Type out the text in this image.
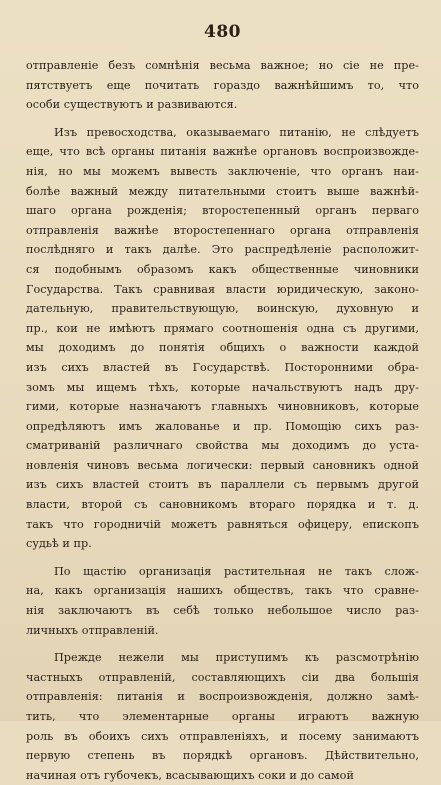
480
отправленіе безъ сомнѣнія весьма важное; но сіе не пре-
пятствуетъ еще почитать гораздо важнѣйшимъ то, что
особи существуютъ и развиваются.
Изъ превосходства, оказываемаго питанію, не слѣдуетъ
еще, что всѣ органы питанія важнѣе органовъ воспроизвожде-
нія, но мы можемъ вывесть заключеніе, что органъ наи-
болѣе важный между питательными стоитъ выше важнѣй-
шаго органа рожденія; второстепенный органъ перваго
отправленія важнѣе второстепеннаго органа отправленія
послѣдняго и такъ далѣе. Это распредѣленіе расположит-
ся подобнымъ образомъ какъ общественные чиновники
Государства. Такъ сравнивая власти юридическую, законо-
дательную, правительствующую, воинскую, духовную и
пр., кои не имѣютъ прямаго соотношенія одна съ другими,
мы доходимъ до понятія общихъ о важности каждой
изъ сихъ властей въ Государствѣ. Посторонними обра-
зомъ мы ищемъ тѣхъ, которые начальствуютъ надъ дру-
гими, которые назначаютъ главныхъ чиновниковъ, которые
опредѣляютъ имъ жалованье и пр. Помощію сихъ раз-
сматриваній различнаго свойства мы доходимъ до уста-
новленія чиновъ весьма логически: первый сановникъ одной
изъ сихъ властей стоитъ въ параллели съ первымъ другой
власти, второй съ сановникомъ втораго порядка и т. д.
такъ что городничій можетъ равняться офицеру, епископъ
судьѣ и пр.
По щастію организація растительная не такъ слож-
на, какъ организація нашихъ обществъ, такъ что сравне-
нія заключаютъ въ себѣ только небольшое число раз-
личныхъ отправленій.
Прежде нежели мы приступимъ къ разсмотрѣнію
частныхъ отправленій, составляющихъ сіи два большія
отправленія: питанія и воспроизвожденія, должно замѣ-
тить, что элементарные органы играютъ важную
роль въ обоихъ сихъ отправленіяхъ, и посему занимаютъ
первую степень въ порядкѣ органовъ. Дѣйствительно,
начиная отъ губочекъ, всасывающихъ соки и до самой
